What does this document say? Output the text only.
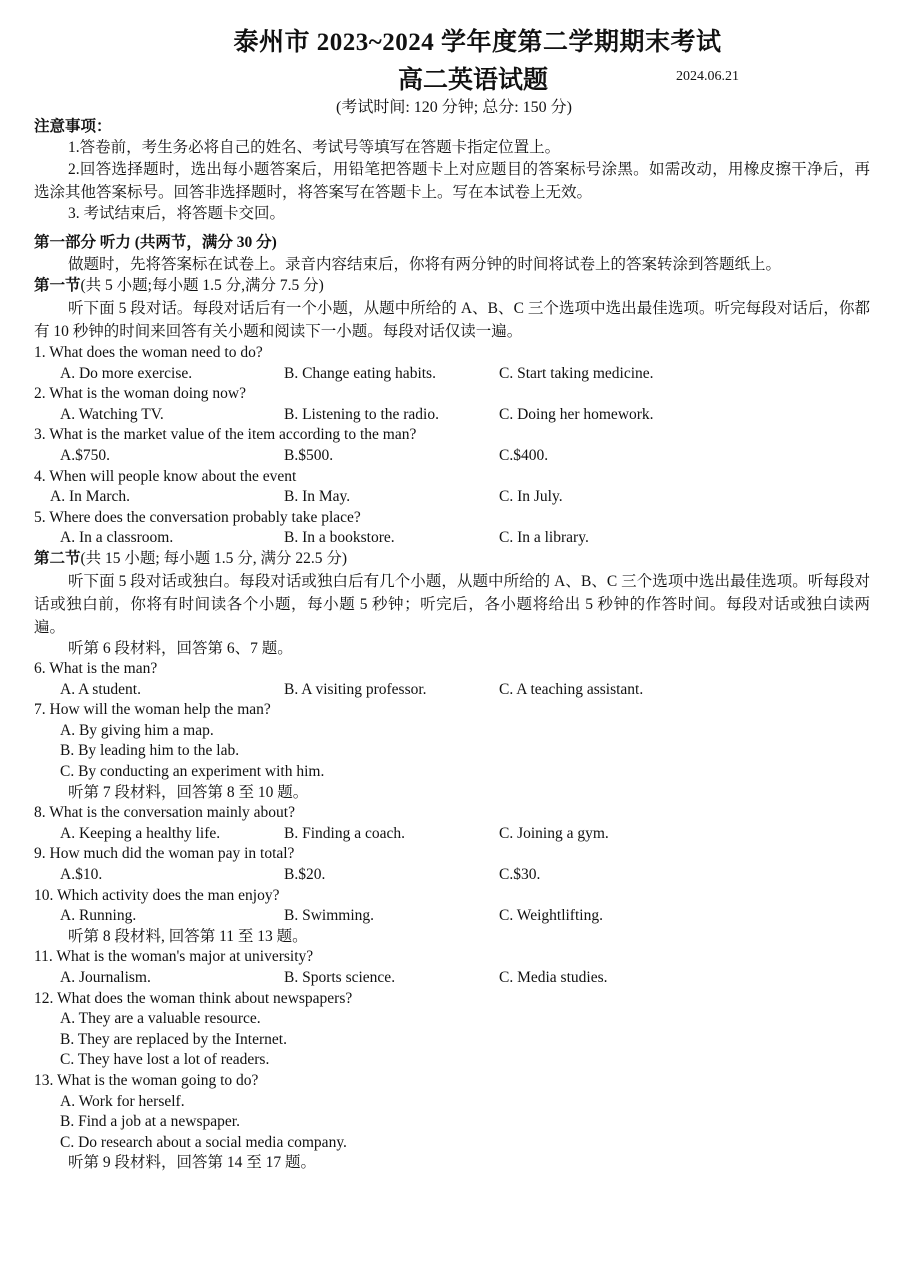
泰州市 2023~2024 学年度第二学期期末考试
高二英语试题	2024.06.21
(考试时间: 120 分钟; 总分: 150 分)
注意事项：
1.答卷前，考生务必将自己的姓名、考试号等填写在答题卡指定位置上。
2.回答选择题时，选出每小题答案后，用铅笔把答题卡上对应题目的答案标号涂黑。如需改动，用橡皮擦干净后，再选涂其他答案标号。回答非选择题时，将答案写在答题卡上。写在本试卷上无效。
3. 考试结束后，将答题卡交回。
第一部分 听力 (共两节，满分 30 分)
做题时，先将答案标在试卷上。录音内容结束后，你将有两分钟的时间将试卷上的答案转涂到答题纸上。
第一节(共 5 小题;每小题 1.5 分,满分 7.5 分)
听下面 5 段对话。每段对话后有一个小题，从题中所给的 A、B、C 三个选项中选出最佳选项。听完每段对话后，你都有 10 秒钟的时间来回答有关小题和阅读下一小题。每段对话仅读一遍。
1. What does the woman need to do?
A. Do more exercise.	B. Change eating habits.	C. Start taking medicine.
2. What is the woman doing now?
A. Watching TV.	B. Listening to the radio.	C. Doing her homework.
3. What is the market value of the item according to the man?
A.$750.	B.$500.	C.$400.
4. When will people know about the event
A. In March.	B. In May.	C. In July.
5. Where does the conversation probably take place?
A. In a classroom.	B. In a bookstore.	C. In a library.
第二节(共 15 小题; 每小题 1.5 分, 满分 22.5 分)
听下面 5 段对话或独白。每段对话或独白后有几个小题，从题中所给的 A、B、C 三个选项中选出最佳选项。听每段对话或独白前，你将有时间读各个小题，每小题 5 秒钟；听完后，各小题将给出 5 秒钟的作答时间。每段对话或独白读两遍。
听第 6 段材料，回答第 6、7 题。
6. What is the man?
A. A student.	B. A visiting professor.	C. A teaching assistant.
7. How will the woman help the man?
A. By giving him a map.
B. By leading him to the lab.
C. By conducting an experiment with him.
听第 7 段材料，回答第 8 至 10 题。
8. What is the conversation mainly about?
A. Keeping a healthy life.	B. Finding a coach.	C. Joining a gym.
9. How much did the woman pay in total?
A.$10.	B.$20.	C.$30.
10. Which activity does the man enjoy?
A. Running.	B. Swimming.	C. Weightlifting.
听第 8 段材料, 回答第 11 至 13 题。
11. What is the woman's major at university?
A. Journalism.	B. Sports science.	C. Media studies.
12. What does the woman think about newspapers?
A. They are a valuable resource.
B. They are replaced by the Internet.
C. They have lost a lot of readers.
13. What is the woman going to do?
A. Work for herself.
B. Find a job at a newspaper.
C. Do research about a social media company.
听第 9 段材料，回答第 14 至 17 题。
